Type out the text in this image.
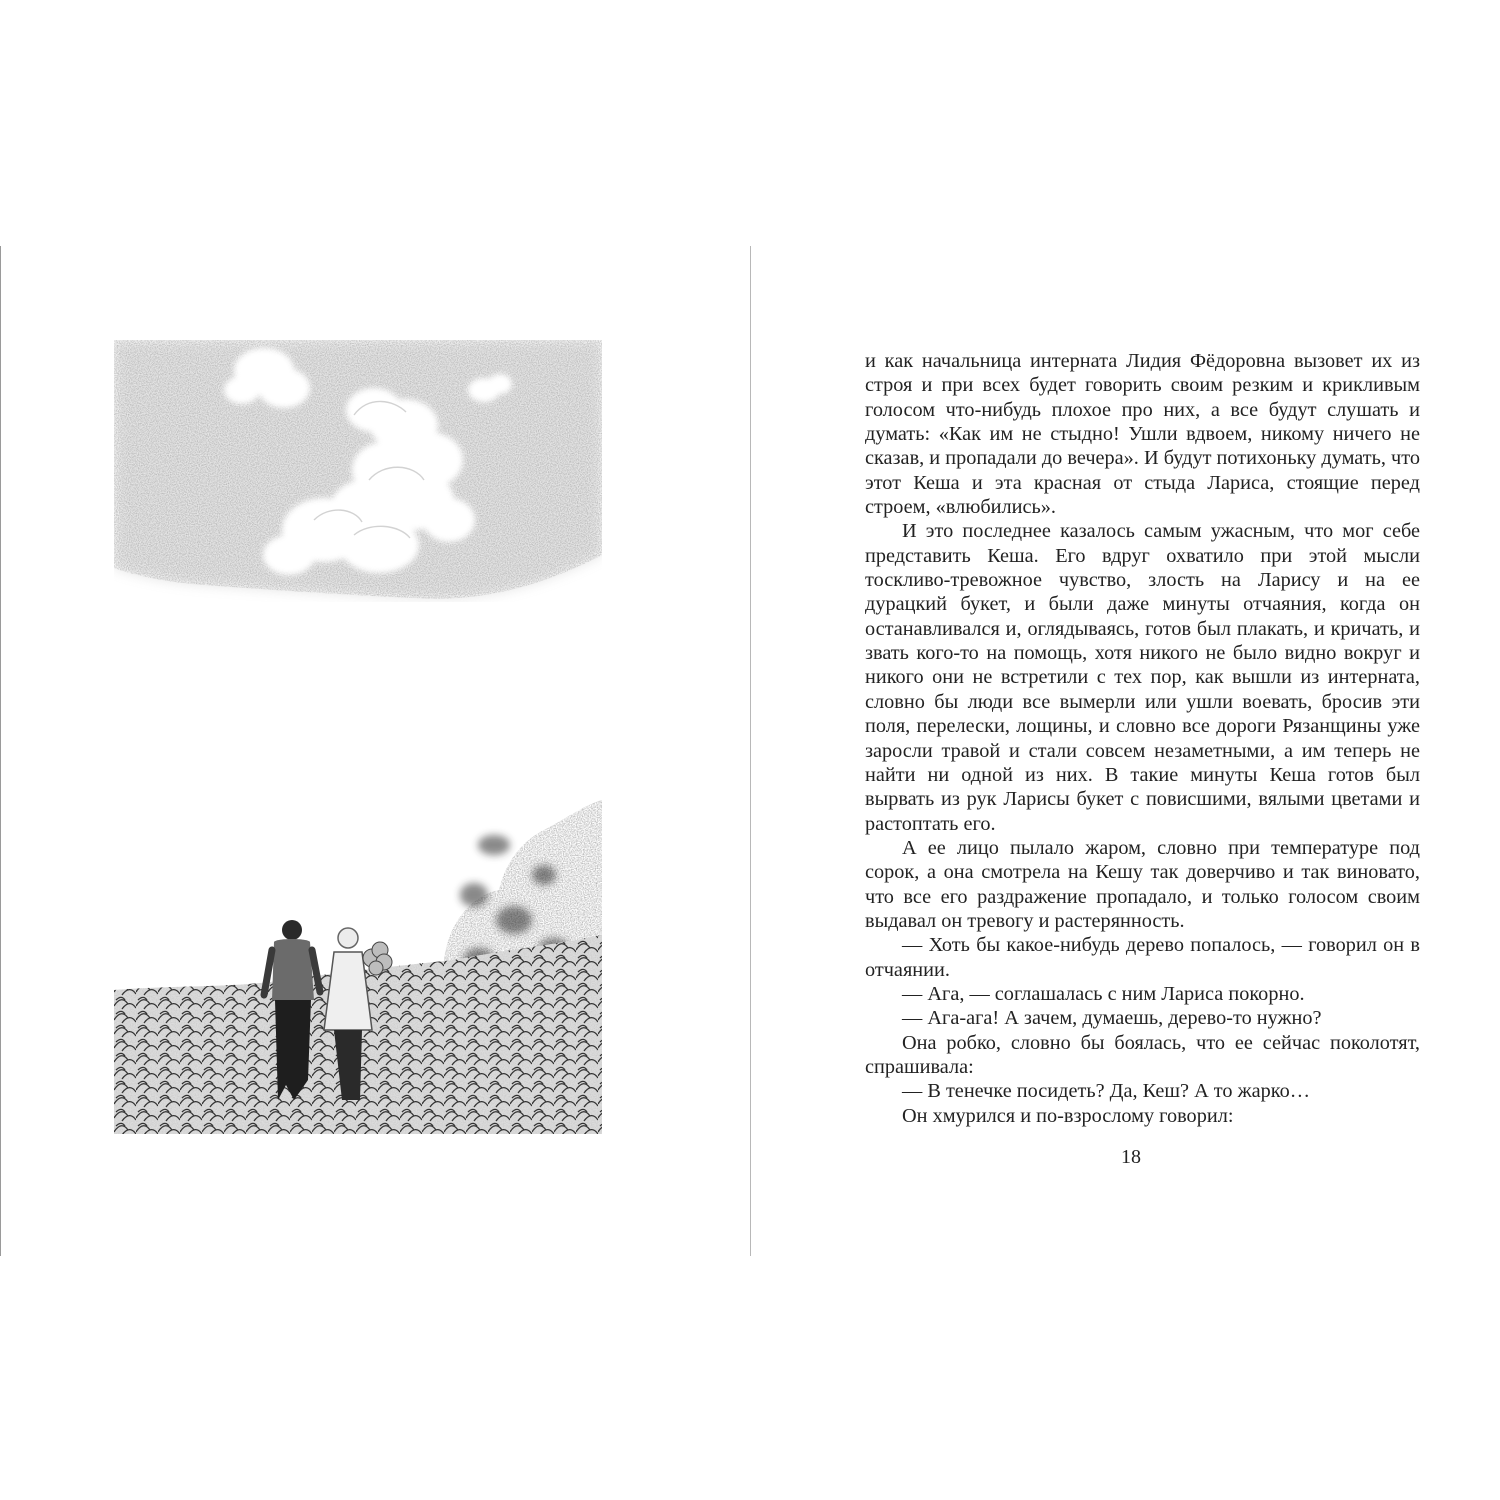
и как начальница интерната Лидия Фёдоровна вызовет их из строя и при всех будет говорить своим резким и крикливым голосом что-нибудь плохое про них, а все будут слушать и думать: «Как им не стыдно! Ушли вдвоем, никому ничего не сказав, и пропадали до вечера». И будут потихоньку думать, что этот Кеша и эта красная от стыда Лариса, стоящие перед строем, «влюбились».

И это последнее казалось самым ужасным, что мог себе представить Кеша. Его вдруг охватило при этой мысли тоскливо-тревожное чувство, злость на Ларису и на ее дурацкий букет, и были даже минуты отчаяния, когда он останавливался и, оглядываясь, готов был плакать, и кричать, и звать кого-то на помощь, хотя никого не было видно вокруг и никого они не встретили с тех пор, как вышли из интерната, словно бы люди все вымерли или ушли воевать, бросив эти поля, перелески, лощины, и словно все дороги Рязанщины уже заросли травой и стали совсем незаметными, а им теперь не найти ни одной из них. В такие минуты Кеша готов был вырвать из рук Ларисы букет с повисшими, вялыми цветами и растоптать его.

А ее лицо пылало жаром, словно при температуре под сорок, а она смотрела на Кешу так доверчиво и так виновато, что все его раздражение пропадало, и только голосом своим выдавал он тревогу и растерянность.

— Хоть бы какое-нибудь дерево попалось, — говорил он в отчаянии.

— Ага, — соглашалась с ним Лариса покорно.

— Ага-ага! А зачем, думаешь, дерево-то нужно?

Она робко, словно бы боялась, что ее сейчас поколотят, спрашивала:

— В тенечке посидеть? Да, Кеш? А то жарко…

Он хмурился и по-взрослому говорил:

18
